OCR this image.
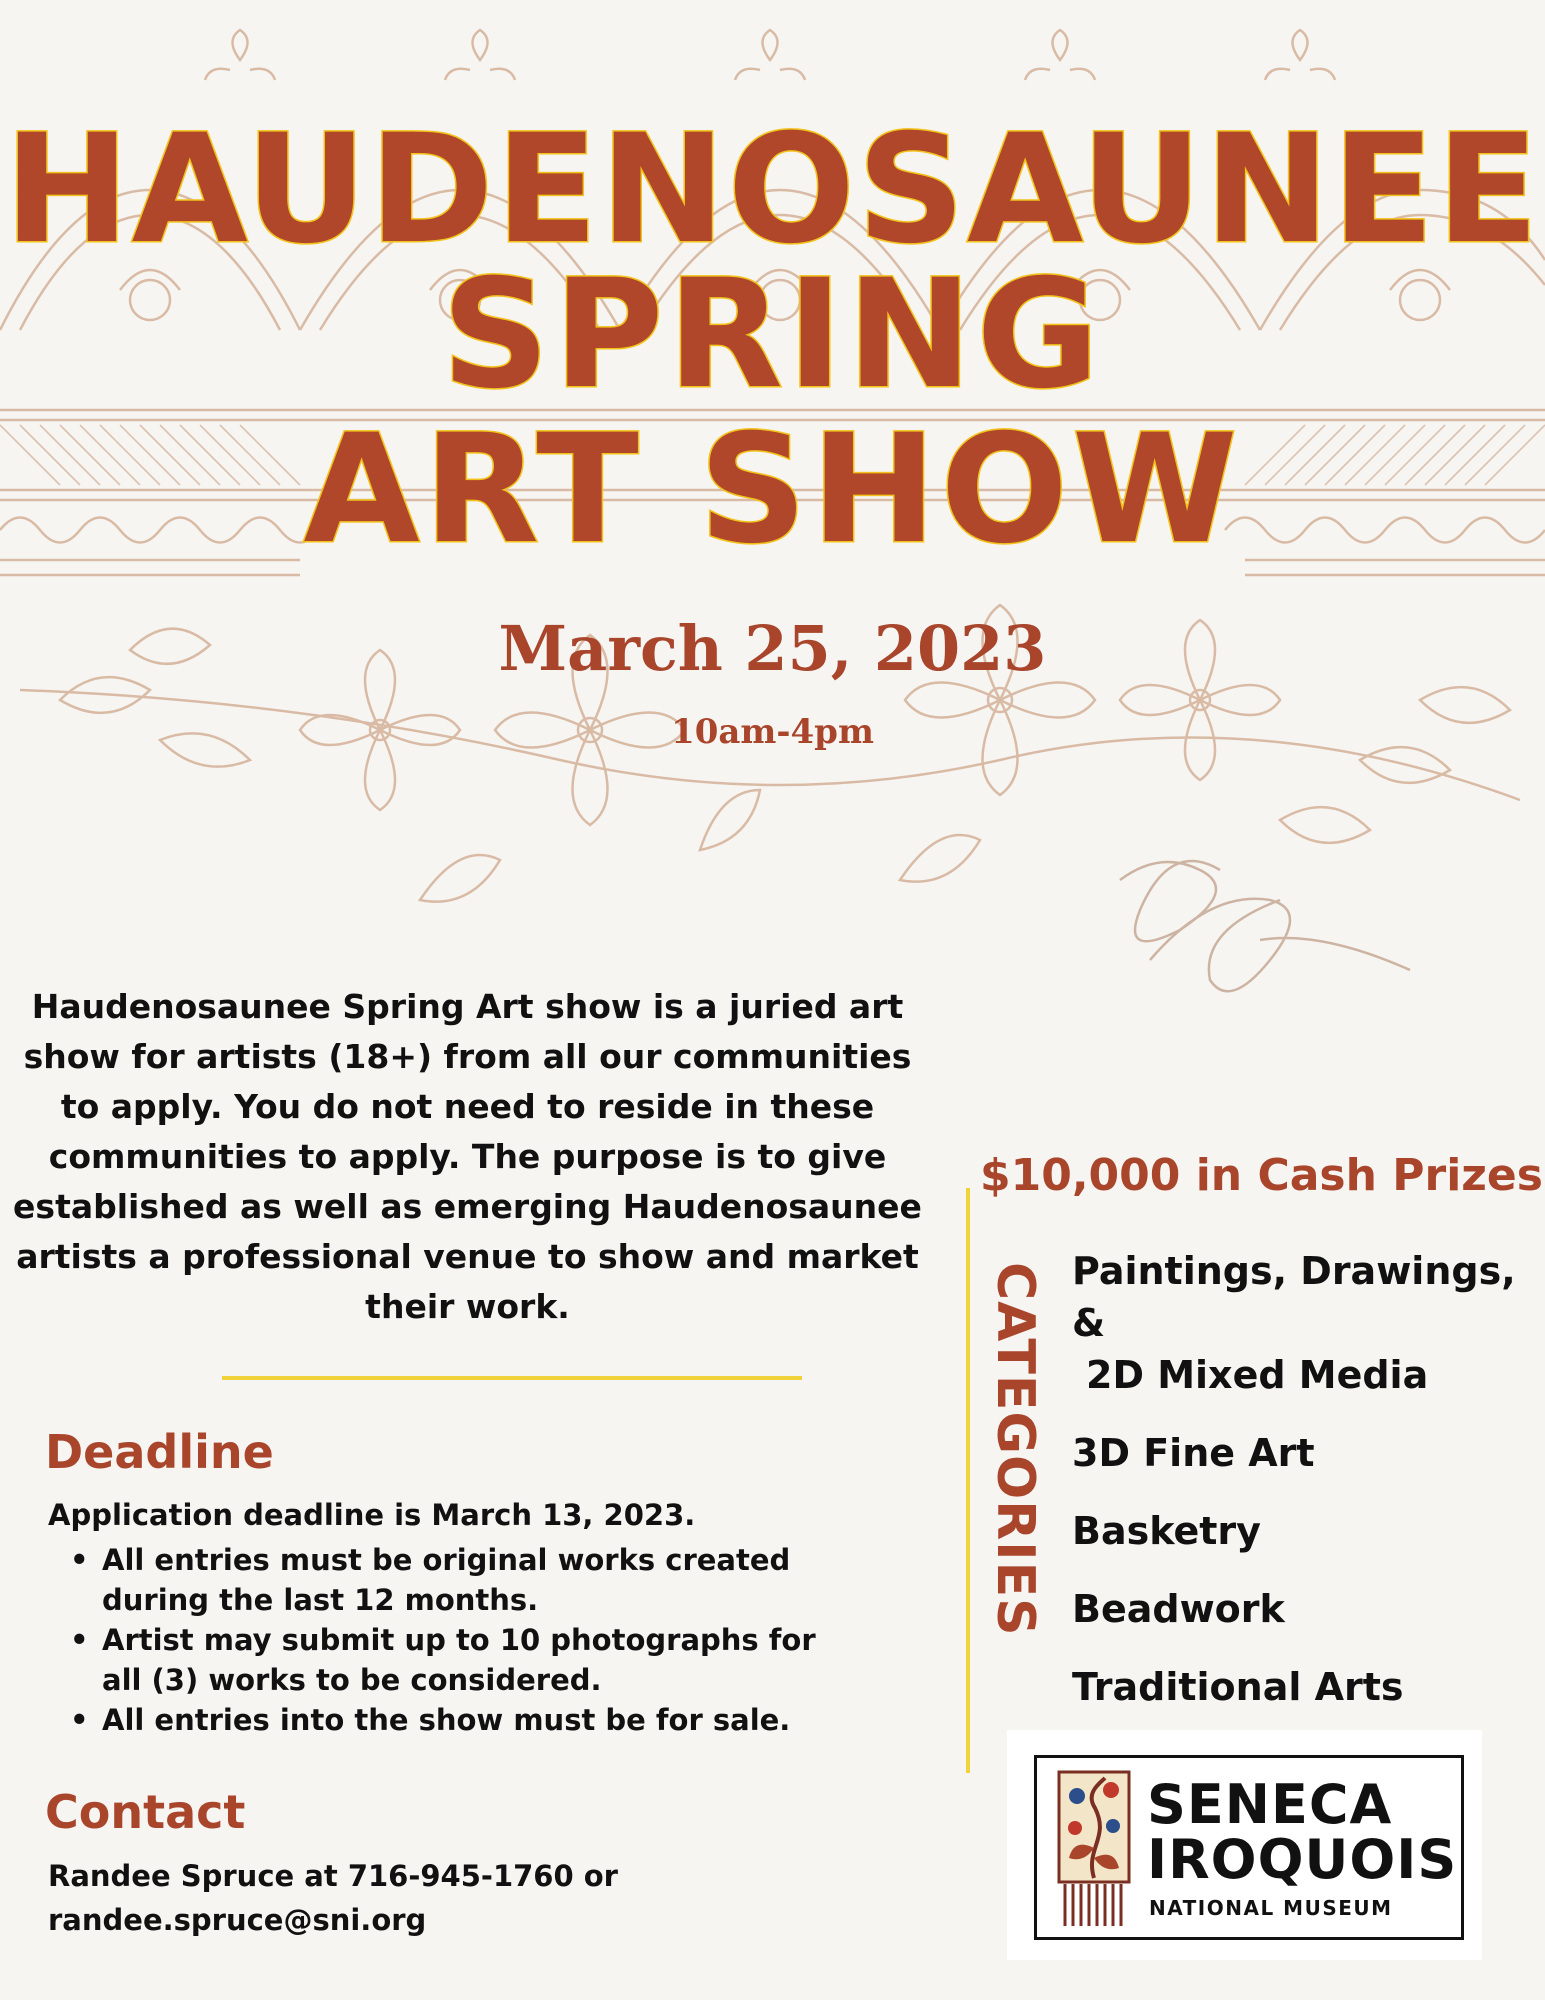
HAUDENOSAUNEE
SPRING
ART SHOW
March 25, 2023
10am-4pm
Haudenosaunee Spring Art show is a juried art show for artists (18+) from all our communities to apply. You do not need to reside in these communities to apply. The purpose is to give established as well as emerging Haudenosaunee artists a professional venue to show and market their work.
Deadline
Application deadline is March 13, 2023.
• All entries must be original works created during the last 12 months.
• Artist may submit up to 10 photographs for all (3) works to be considered.
• All entries into the show must be for sale.
Contact
Randee Spruce at 716-945-1760 or
randee.spruce@sni.org
$10,000 in Cash Prizes
CATEGORIES Paintings, Drawings, &
2D Mixed Media
3D Fine Art
Basketry
Beadwork
Traditional Arts
SENECA
IROQUOIS
NATIONAL MUSEUM
